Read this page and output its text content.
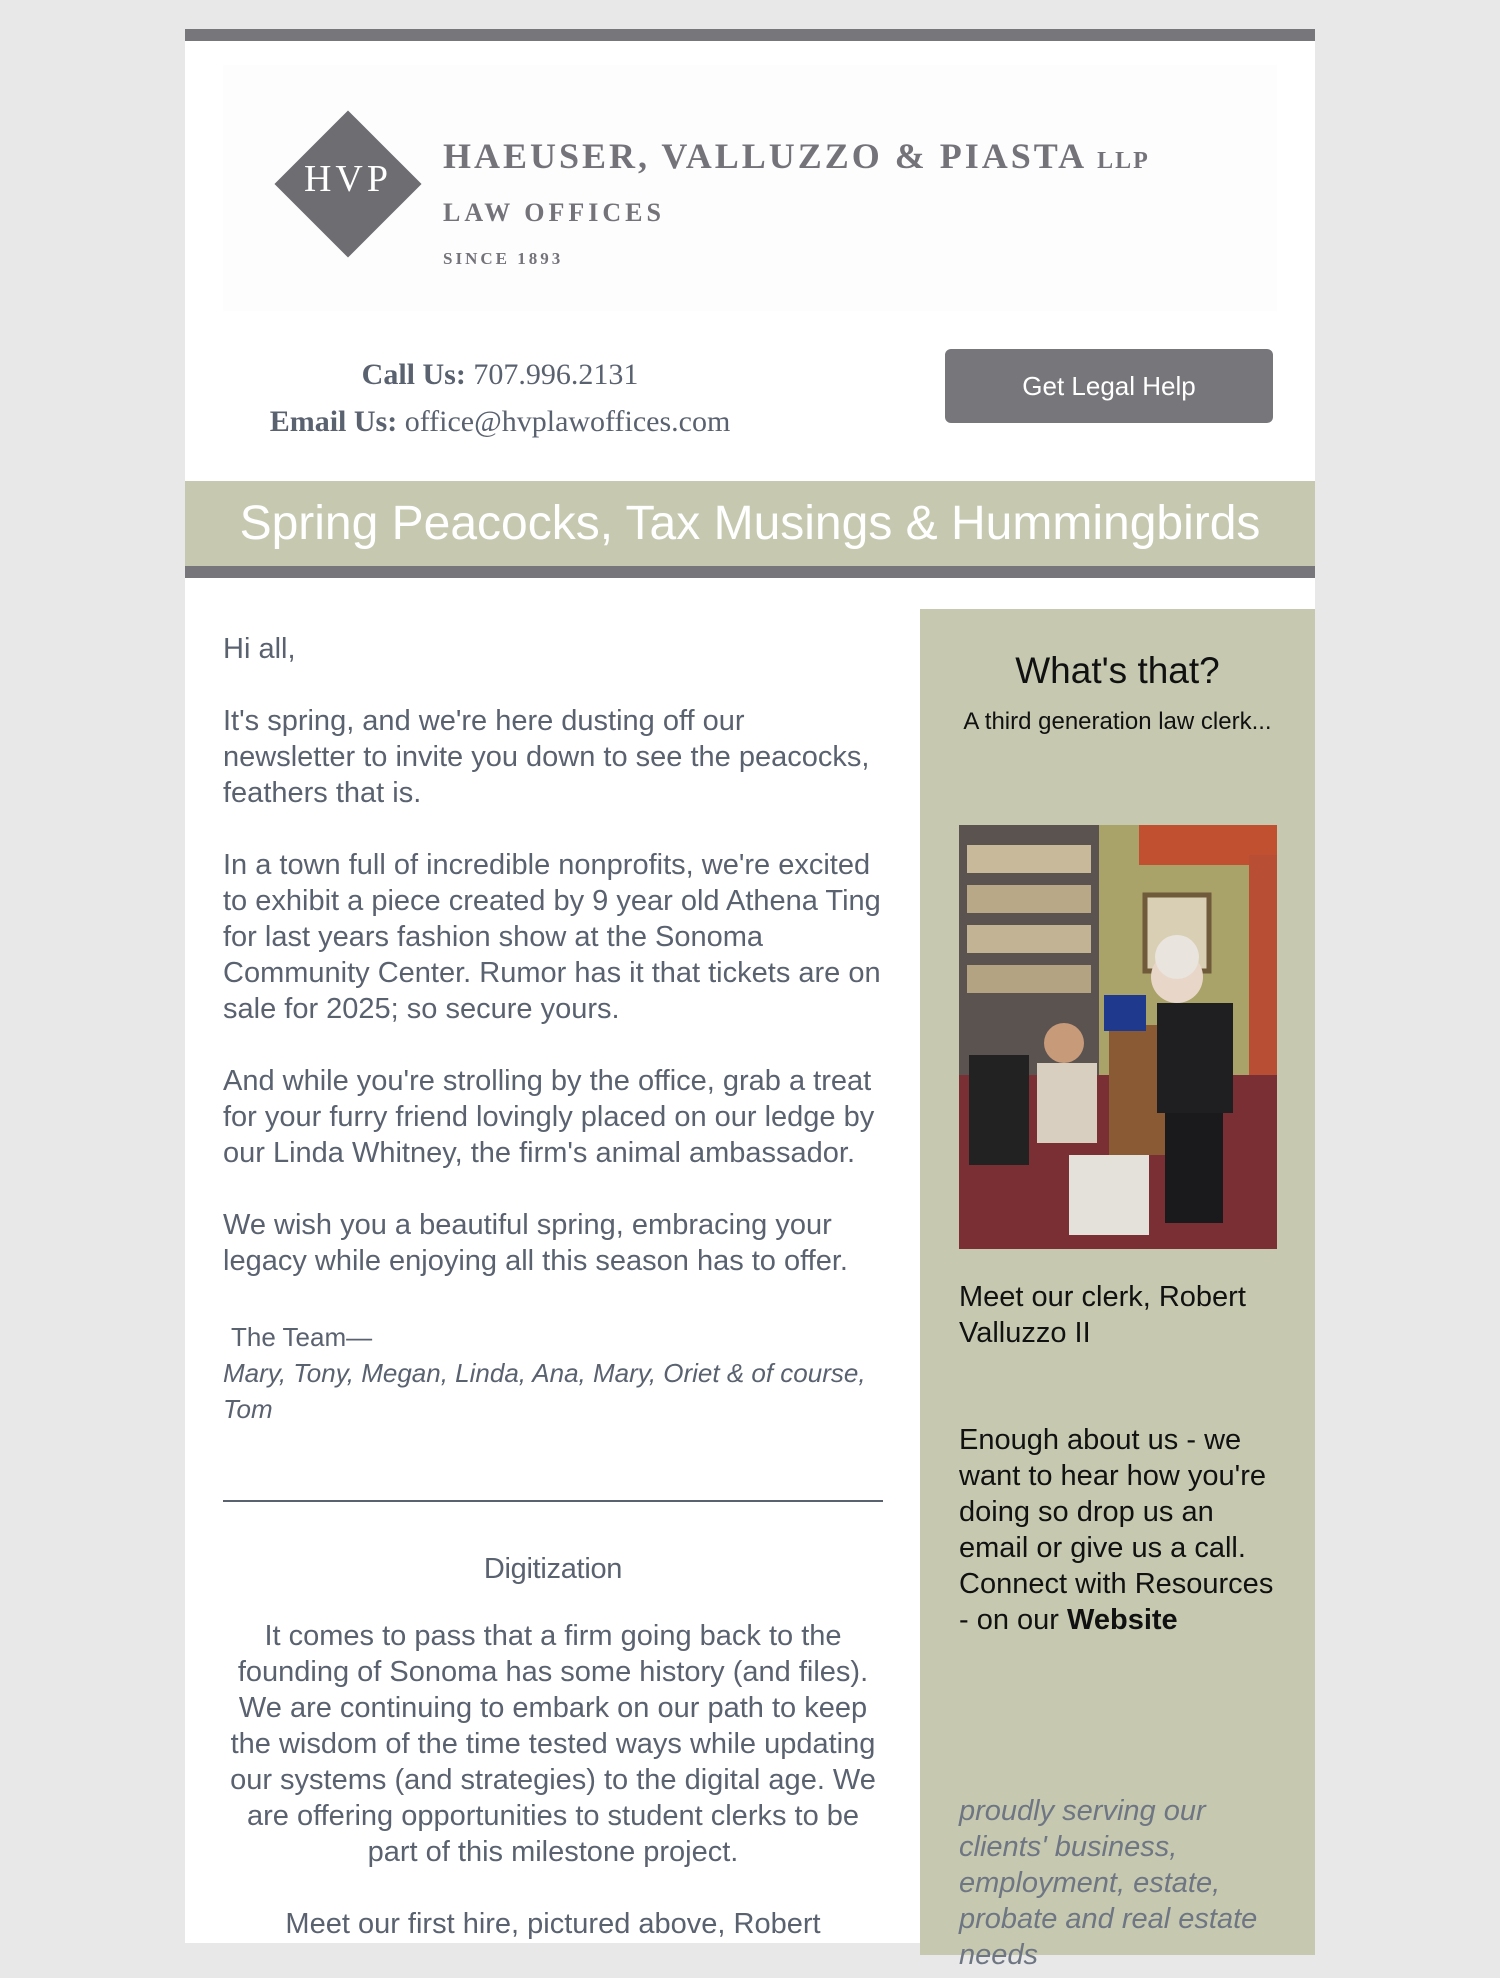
HVP
HAEUSER, VALLUZZO & PIASTA LLP
LAW OFFICES
SINCE 1893
Call Us: 707.996.2131
Email Us: office@hvplawoffices.com
Get Legal Help
Spring Peacocks, Tax Musings & Hummingbirds

Hi all,

It's spring, and we're here dusting off our newsletter to invite you down to see the peacocks, feathers that is.

In a town full of incredible nonprofits, we're excited to exhibit a piece created by 9 year old Athena Ting for last years fashion show at the Sonoma Community Center. Rumor has it that tickets are on sale for 2025; so secure yours.

And while you're strolling by the office, grab a treat for your furry friend lovingly placed on our ledge by our Linda Whitney, the firm's animal ambassador.

We wish you a beautiful spring, embracing your legacy while enjoying all this season has to offer.

The Team—
Mary, Tony, Megan, Linda, Ana, Mary, Oriet & of course, Tom
Digitization

It comes to pass that a firm going back to the founding of Sonoma has some history (and files). We are continuing to embark on our path to keep the wisdom of the time tested ways while updating our systems (and strategies) to the digital age. We are offering opportunities to student clerks to be part of this milestone project.

Meet our first hire, pictured above, Robert

What's that?
A third generation law clerk...
Meet our clerk, Robert Valluzzo II
Enough about us - we want to hear how you're doing so drop us an email or give us a call.
Connect with Resources - on our Website
proudly serving our clients' business, employment, estate, probate and real estate needs
